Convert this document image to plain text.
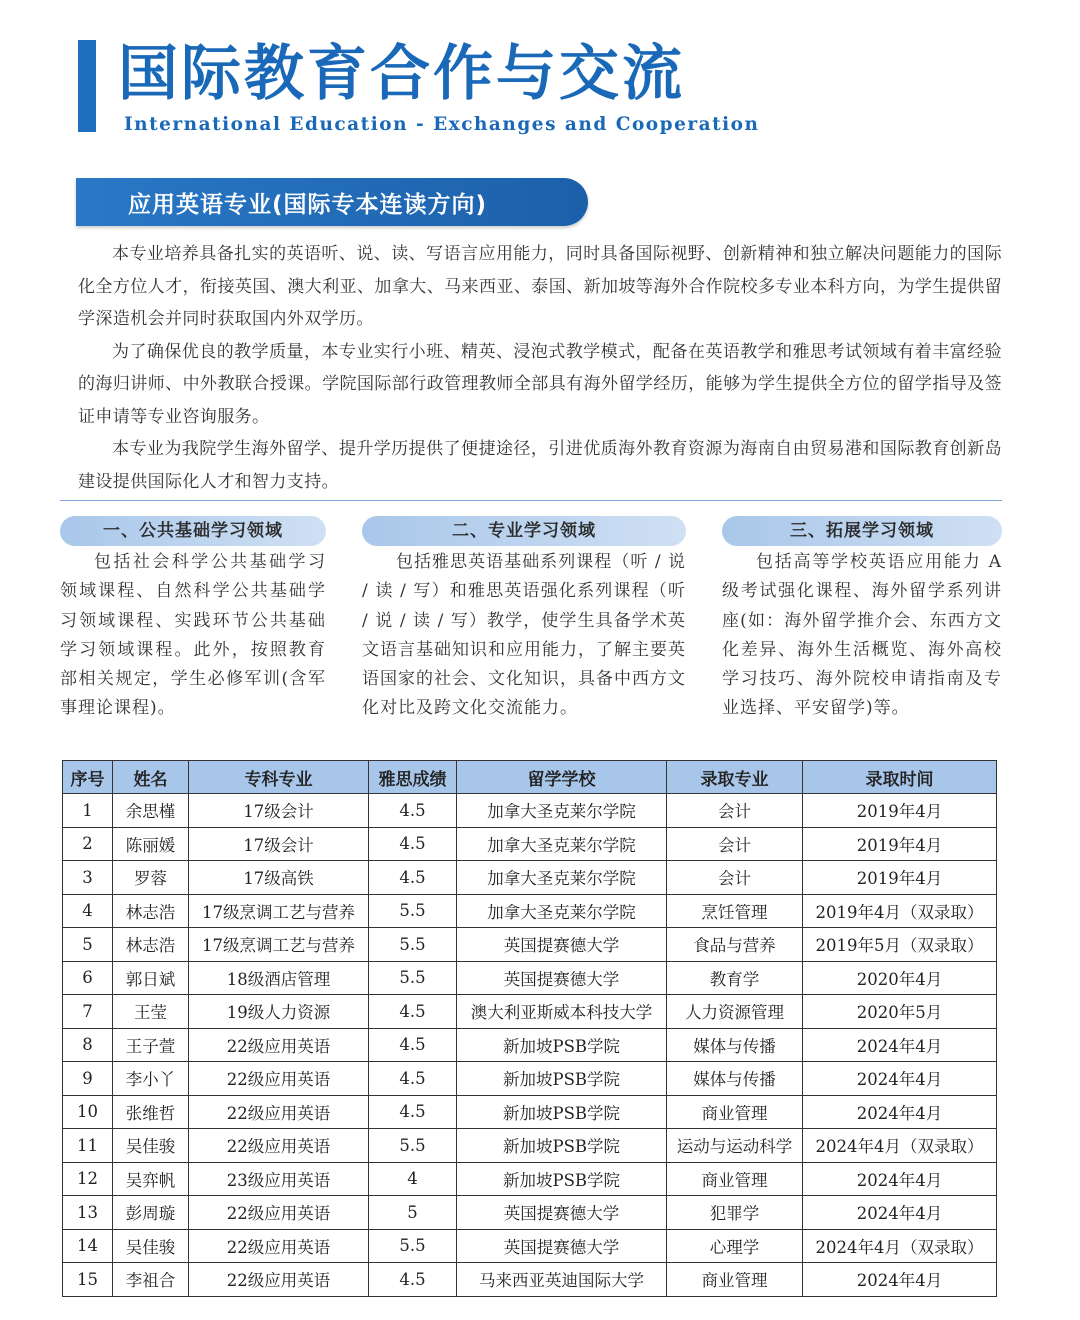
国际教育合作与交流
International Education - Exchanges and Cooperation
应用英语专业(国际专本连读方向)

本专业培养具备扎实的英语听、说、读、写语言应用能力，同时具备国际视野、创新精神和独立解决问题能力的国际化全方位人才，衔接英国、澳大利亚、加拿大、马来西亚、泰国、新加坡等海外合作院校多专业本科方向，为学生提供留学深造机会并同时获取国内外双学历。

为了确保优良的教学质量，本专业实行小班、精英、浸泡式教学模式，配备在英语教学和雅思考试领域有着丰富经验的海归讲师、中外教联合授课。学院国际部行政管理教师全部具有海外留学经历，能够为学生提供全方位的留学指导及签证申请等专业咨询服务。

本专业为我院学生海外留学、提升学历提供了便捷途径，引进优质海外教育资源为海南自由贸易港和国际教育创新岛建设提供国际化人才和智力支持。

一、公共基础学习领域
包括社会科学公共基础学习领域课程、自然科学公共基础学习领域课程、实践环节公共基础学习领域课程。此外，按照教育部相关规定，学生必修军训(含军事理论课程)。
二、专业学习领域
包括雅思英语基础系列课程（听 / 说 / 读 / 写）和雅思英语强化系列课程（听 / 说 / 读 / 写）教学，使学生具备学术英文语言基础知识和应用能力，了解主要英语国家的社会、文化知识，具备中西方文化对比及跨文化交流能力。
三、拓展学习领域
包括高等学校英语应用能力 A 级考试强化课程、海外留学系列讲座(如：海外留学推介会、东西方文化差异、海外生活概览、海外高校学习技巧、海外院校申请指南及专业选择、平安留学)等。
序号	姓名	专科专业	雅思成绩	留学学校	录取专业	录取时间
1	余思槿	17级会计	4.5	加拿大圣克莱尔学院	会计	2019年4月
2	陈丽媛	17级会计	4.5	加拿大圣克莱尔学院	会计	2019年4月
3	罗蓉	17级高铁	4.5	加拿大圣克莱尔学院	会计	2019年4月
4	林志浩	17级烹调工艺与营养	5.5	加拿大圣克莱尔学院	烹饪管理	2019年4月（双录取）
5	林志浩	17级烹调工艺与营养	5.5	英国提赛德大学	食品与营养	2019年5月（双录取）
6	郭日斌	18级酒店管理	5.5	英国提赛德大学	教育学	2020年4月
7	王莹	19级人力资源	4.5	澳大利亚斯威本科技大学	人力资源管理	2020年5月
8	王子萱	22级应用英语	4.5	新加坡PSB学院	媒体与传播	2024年4月
9	李小丫	22级应用英语	4.5	新加坡PSB学院	媒体与传播	2024年4月
10	张维哲	22级应用英语	4.5	新加坡PSB学院	商业管理	2024年4月
11	吴佳骏	22级应用英语	5.5	新加坡PSB学院	运动与运动科学	2024年4月（双录取）
12	吴弈帆	23级应用英语	4	新加坡PSB学院	商业管理	2024年4月
13	彭周璇	22级应用英语	5	英国提赛德大学	犯罪学	2024年4月
14	吴佳骏	22级应用英语	5.5	英国提赛德大学	心理学	2024年4月（双录取）
15	李祖合	22级应用英语	4.5	马来西亚英迪国际大学	商业管理	2024年4月
